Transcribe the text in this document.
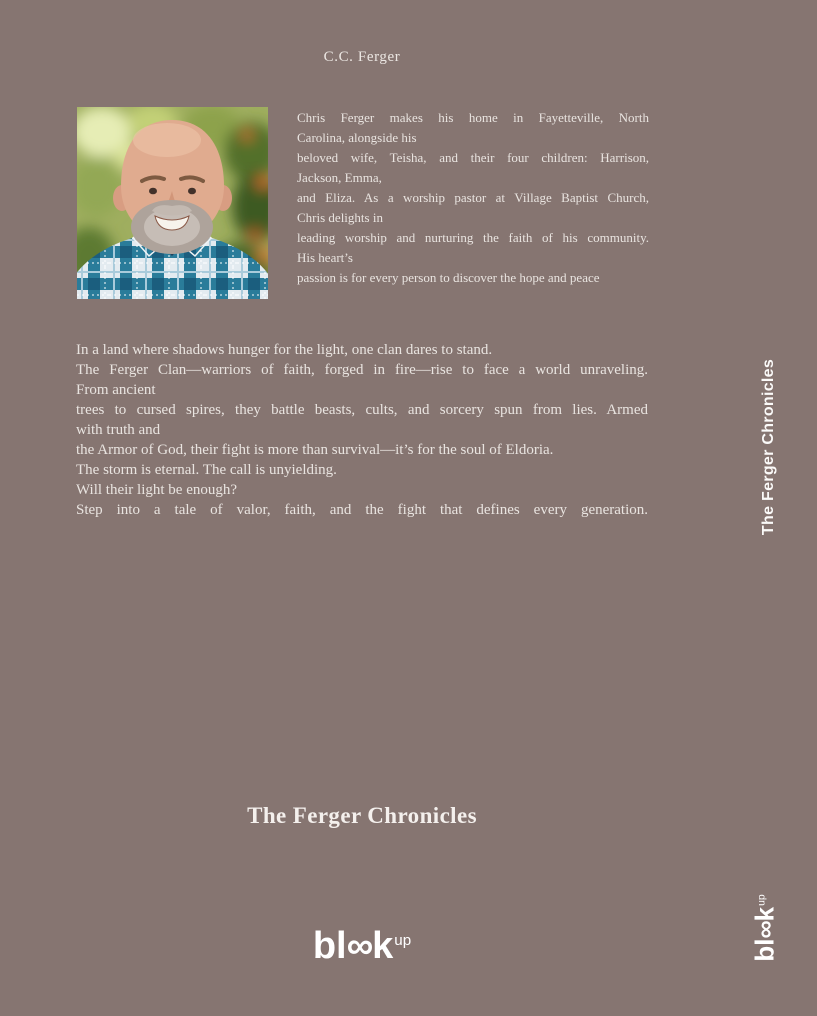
C.C. Ferger
Chris Ferger makes his home in Fayetteville, North
Carolina, alongside his
beloved wife, Teisha, and their four children: Harrison,
Jackson, Emma,
and Eliza. As a worship pastor at Village Baptist Church,
Chris delights in
leading worship and nurturing the faith of his community.
His heart’s
passion is for every person to discover the hope and peace
In a land where shadows hunger for the light, one clan dares to stand.
The Ferger Clan—warriors of faith, forged in fire—rise to face a world unraveling.
From ancient
trees to cursed spires, they battle beasts, cults, and sorcery spun from lies. Armed
with truth and
the Armor of God, their fight is more than survival—it’s for the soul of Eldoria.
The storm is eternal. The call is unyielding.
Will their light be enough?
Step into a tale of valor, faith, and the fight that defines every generation.
The Ferger Chronicles
The Ferger Chronicles
$bl\infty k^{up}$	$bl\infty k^{up}$
